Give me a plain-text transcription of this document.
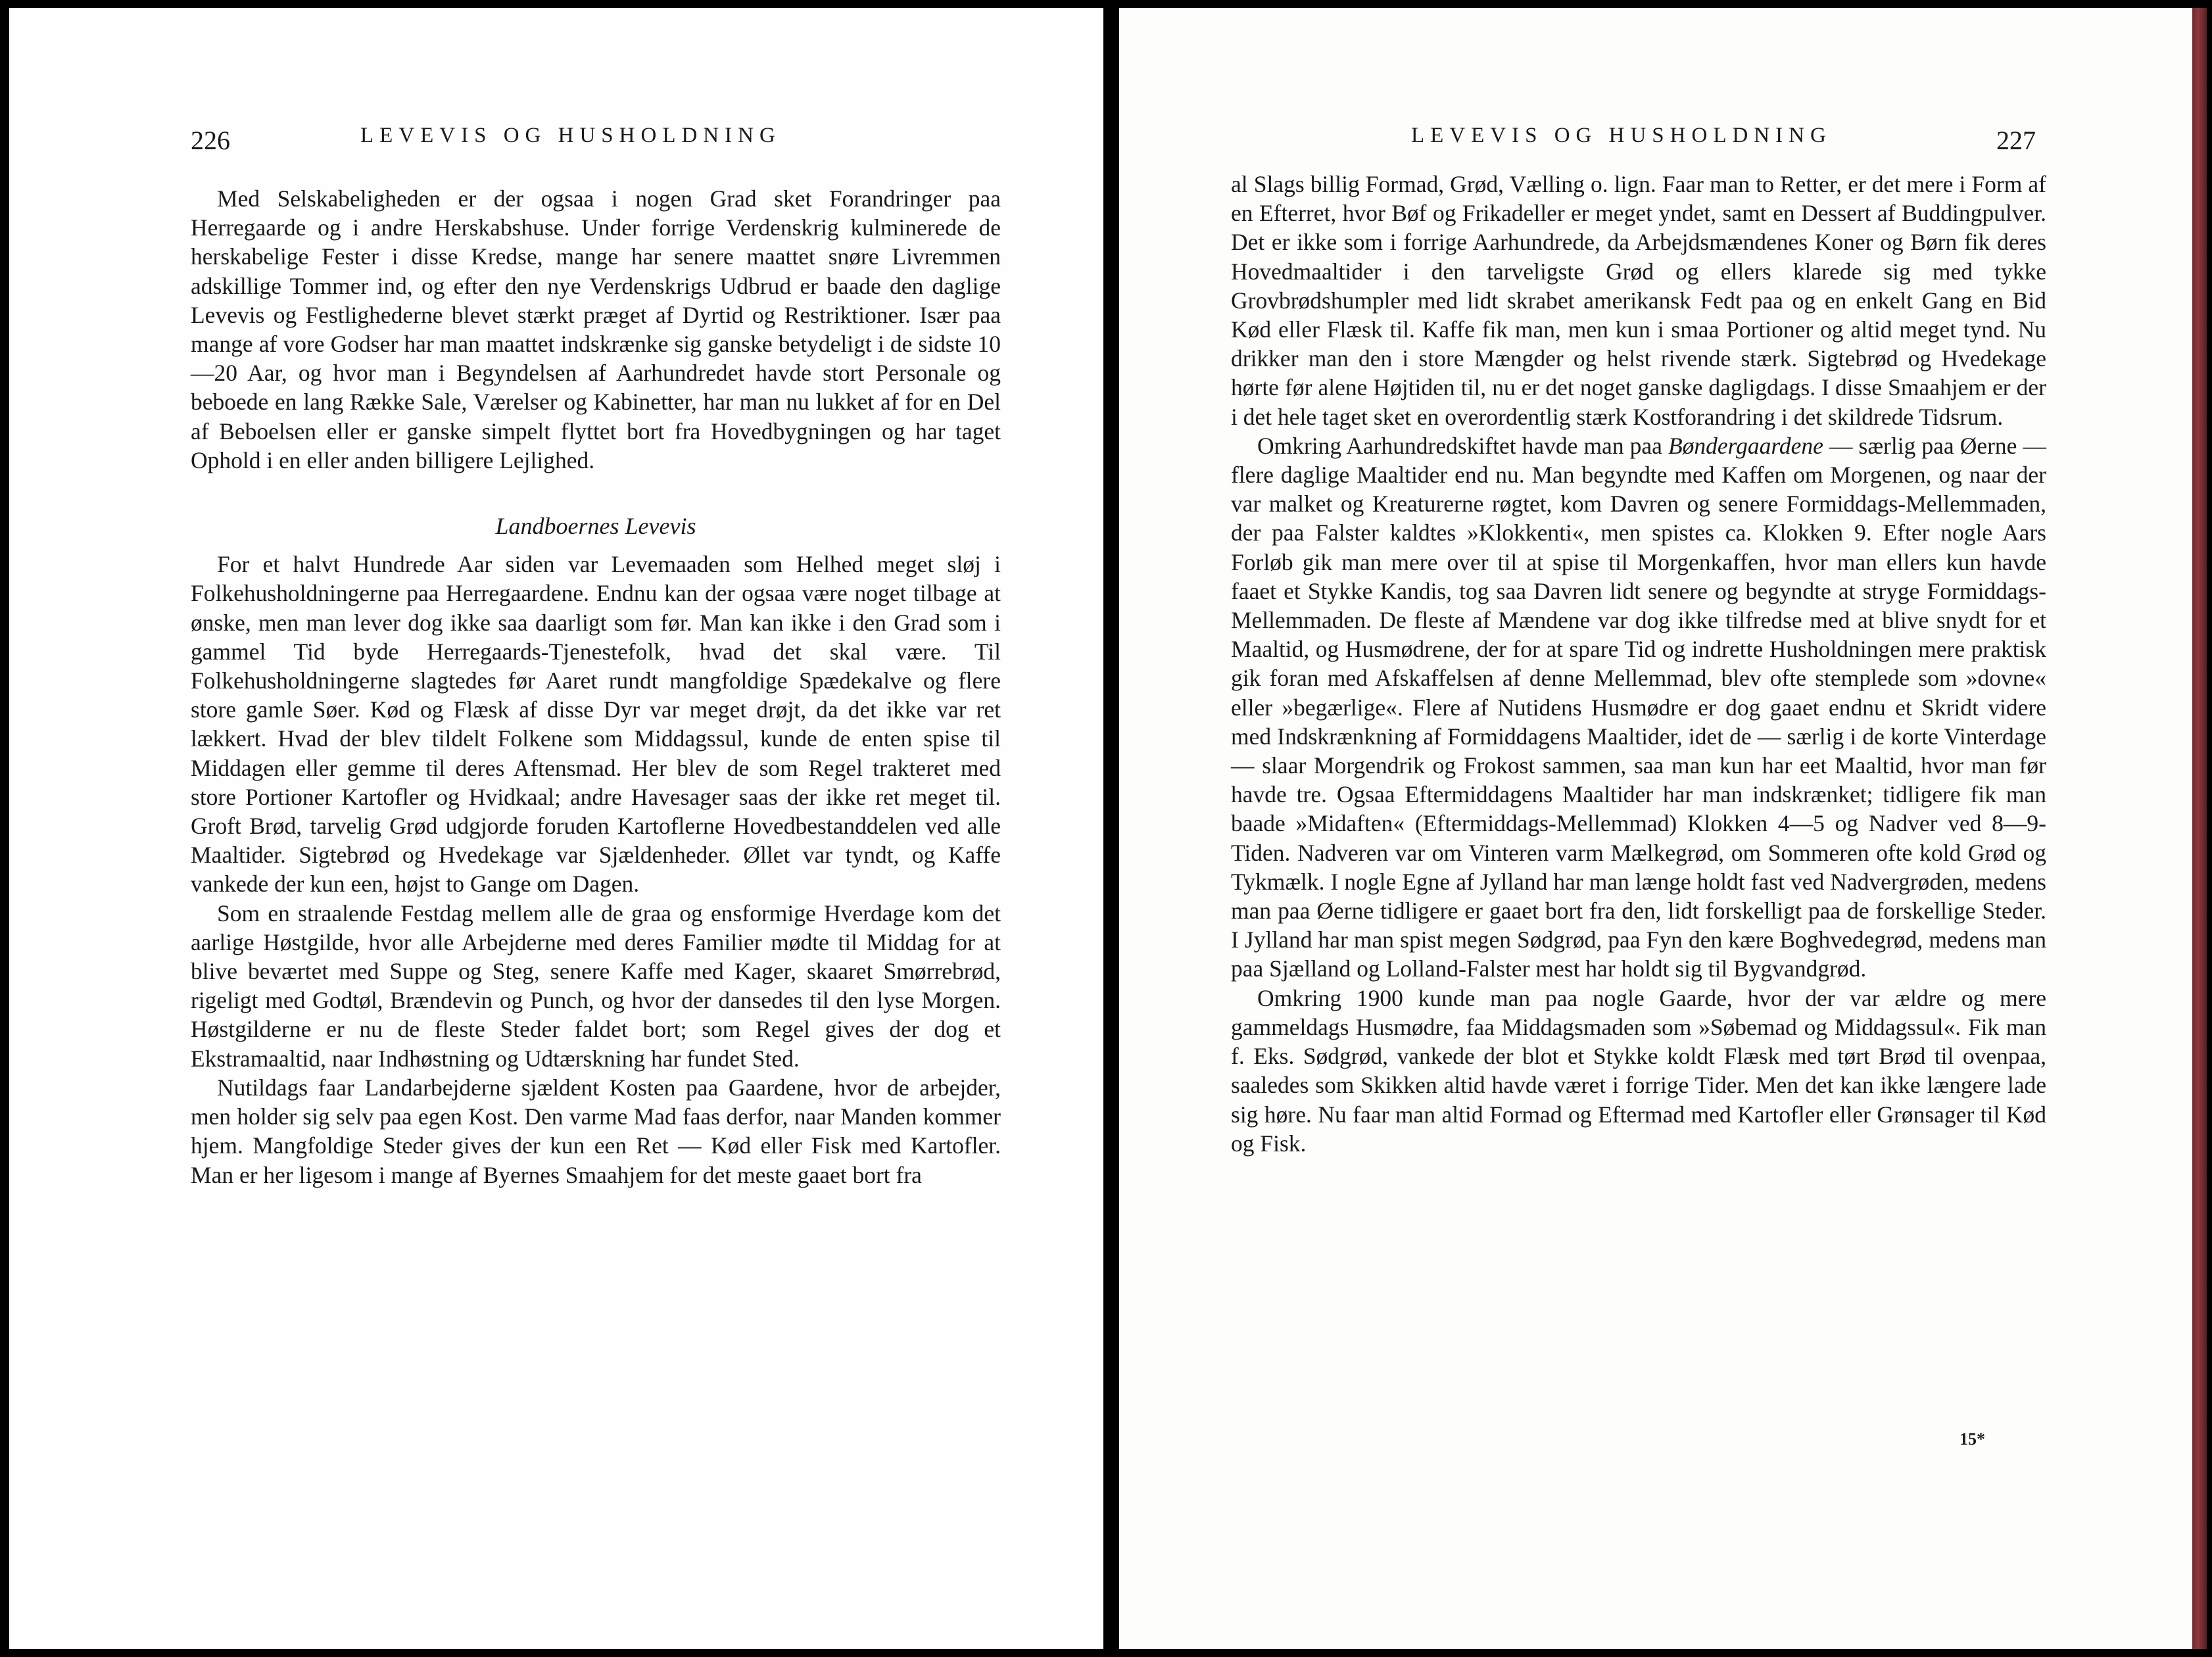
226	LEVEVIS OG HUSHOLDNING

Med Selskabeligheden er der ogsaa i nogen Grad sket Forandringer paa Herregaarde og i andre Herskabshuse. Under forrige Verdenskrig kulminerede de herskabelige Fester i disse Kredse, mange har senere maattet snøre Livremmen adskillige Tommer ind, og efter den nye Verdenskrigs Udbrud er baade den daglige Levevis og Festlighederne blevet stærkt præget af Dyrtid og Restriktioner. Især paa mange af vore Godser har man maattet indskrænke sig ganske betydeligt i de sidste 10—20 Aar, og hvor man i Begyndelsen af Aarhundredet havde stort Personale og beboede en lang Række Sale, Værelser og Kabinetter, har man nu lukket af for en Del af Beboelsen eller er ganske simpelt flyttet bort fra Hovedbygningen og har taget Ophold i en eller anden billigere Lejlighed.

Landboernes Levevis

For et halvt Hundrede Aar siden var Levemaaden som Helhed meget sløj i Folkehusholdningerne paa Herregaardene. Endnu kan der ogsaa være noget tilbage at ønske, men man lever dog ikke saa daarligt som før. Man kan ikke i den Grad som i gammel Tid byde Herregaards-Tjenestefolk, hvad det skal være. Til Folkehusholdningerne slagtedes før Aaret rundt mangfoldige Spædekalve og flere store gamle Søer. Kød og Flæsk af disse Dyr var meget drøjt, da det ikke var ret lækkert. Hvad der blev tildelt Folkene som Middagssul, kunde de enten spise til Middagen eller gemme til deres Aftensmad. Her blev de som Regel trakteret med store Portioner Kartofler og Hvidkaal; andre Havesager saas der ikke ret meget til. Groft Brød, tarvelig Grød udgjorde foruden Kartoflerne Hovedbestanddelen ved alle Maaltider. Sigtebrød og Hvedekage var Sjældenheder. Øllet var tyndt, og Kaffe vankede der kun een, højst to Gange om Dagen.

Som en straalende Festdag mellem alle de graa og ensformige Hverdage kom det aarlige Høstgilde, hvor alle Arbejderne med deres Familier mødte til Middag for at blive beværtet med Suppe og Steg, senere Kaffe med Kager, skaaret Smørrebrød, rigeligt med Godtøl, Brændevin og Punch, og hvor der dansedes til den lyse Morgen. Høstgilderne er nu de fleste Steder faldet bort; som Regel gives der dog et Ekstramaaltid, naar Indhøstning og Udtærskning har fundet Sted.

Nutildags faar Landarbejderne sjældent Kosten paa Gaardene, hvor de arbejder, men holder sig selv paa egen Kost. Den varme Mad faas derfor, naar Manden kommer hjem. Mangfoldige Steder gives der kun een Ret — Kød eller Fisk med Kartofler. Man er her ligesom i mange af Byernes Smaahjem for det meste gaaet bort fra

LEVEVIS OG HUSHOLDNING	227

al Slags billig Formad, Grød, Vælling o. lign. Faar man to Retter, er det mere i Form af en Efterret, hvor Bøf og Frikadeller er meget yndet, samt en Dessert af Buddingpulver. Det er ikke som i forrige Aarhundrede, da Arbejdsmændenes Koner og Børn fik deres Hovedmaaltider i den tarveligste Grød og ellers klarede sig med tykke Grovbrødshumpler med lidt skrabet amerikansk Fedt paa og en enkelt Gang en Bid Kød eller Flæsk til. Kaffe fik man, men kun i smaa Portioner og altid meget tynd. Nu drikker man den i store Mængder og helst rivende stærk. Sigtebrød og Hvedekage hørte før alene Højtiden til, nu er det noget ganske dagligdags. I disse Smaahjem er der i det hele taget sket en overordentlig stærk Kostforandring i det skildrede Tidsrum.

Omkring Aarhundredskiftet havde man paa Bøndergaardene — særlig paa Øerne — flere daglige Maaltider end nu. Man begyndte med Kaffen om Morgenen, og naar der var malket og Kreaturerne røgtet, kom Davren og senere Formiddags-Mellemmaden, der paa Falster kaldtes »Klokkenti«, men spistes ca. Klokken 9. Efter nogle Aars Forløb gik man mere over til at spise til Morgenkaffen, hvor man ellers kun havde faaet et Stykke Kandis, tog saa Davren lidt senere og begyndte at stryge Formiddags-Mellemmaden. De fleste af Mændene var dog ikke tilfredse med at blive snydt for et Maaltid, og Husmødrene, der for at spare Tid og indrette Husholdningen mere praktisk gik foran med Afskaffelsen af denne Mellemmad, blev ofte stemplede som »dovne« eller »begærlige«. Flere af Nutidens Husmødre er dog gaaet endnu et Skridt videre med Indskrænkning af Formiddagens Maaltider, idet de — særlig i de korte Vinterdage — slaar Morgendrik og Frokost sammen, saa man kun har eet Maaltid, hvor man før havde tre. Ogsaa Eftermiddagens Maaltider har man indskrænket; tidligere fik man baade »Midaften« (Eftermiddags-Mellemmad) Klokken 4—5 og Nadver ved 8—9-Tiden. Nadveren var om Vinteren varm Mælkegrød, om Sommeren ofte kold Grød og Tykmælk. I nogle Egne af Jylland har man længe holdt fast ved Nadvergrøden, medens man paa Øerne tidligere er gaaet bort fra den, lidt forskelligt paa de forskellige Steder. I Jylland har man spist megen Sødgrød, paa Fyn den kære Boghvedegrød, medens man paa Sjælland og Lolland-Falster mest har holdt sig til Bygvandgrød.

Omkring 1900 kunde man paa nogle Gaarde, hvor der var ældre og mere gammeldags Husmødre, faa Middagsmaden som »Søbemad og Middagssul«. Fik man f. Eks. Sødgrød, vankede der blot et Stykke koldt Flæsk med tørt Brød til ovenpaa, saaledes som Skikken altid havde været i forrige Tider. Men det kan ikke længere lade sig høre. Nu faar man altid Formad og Eftermad med Kartofler eller Grønsager til Kød og Fisk.

15*
